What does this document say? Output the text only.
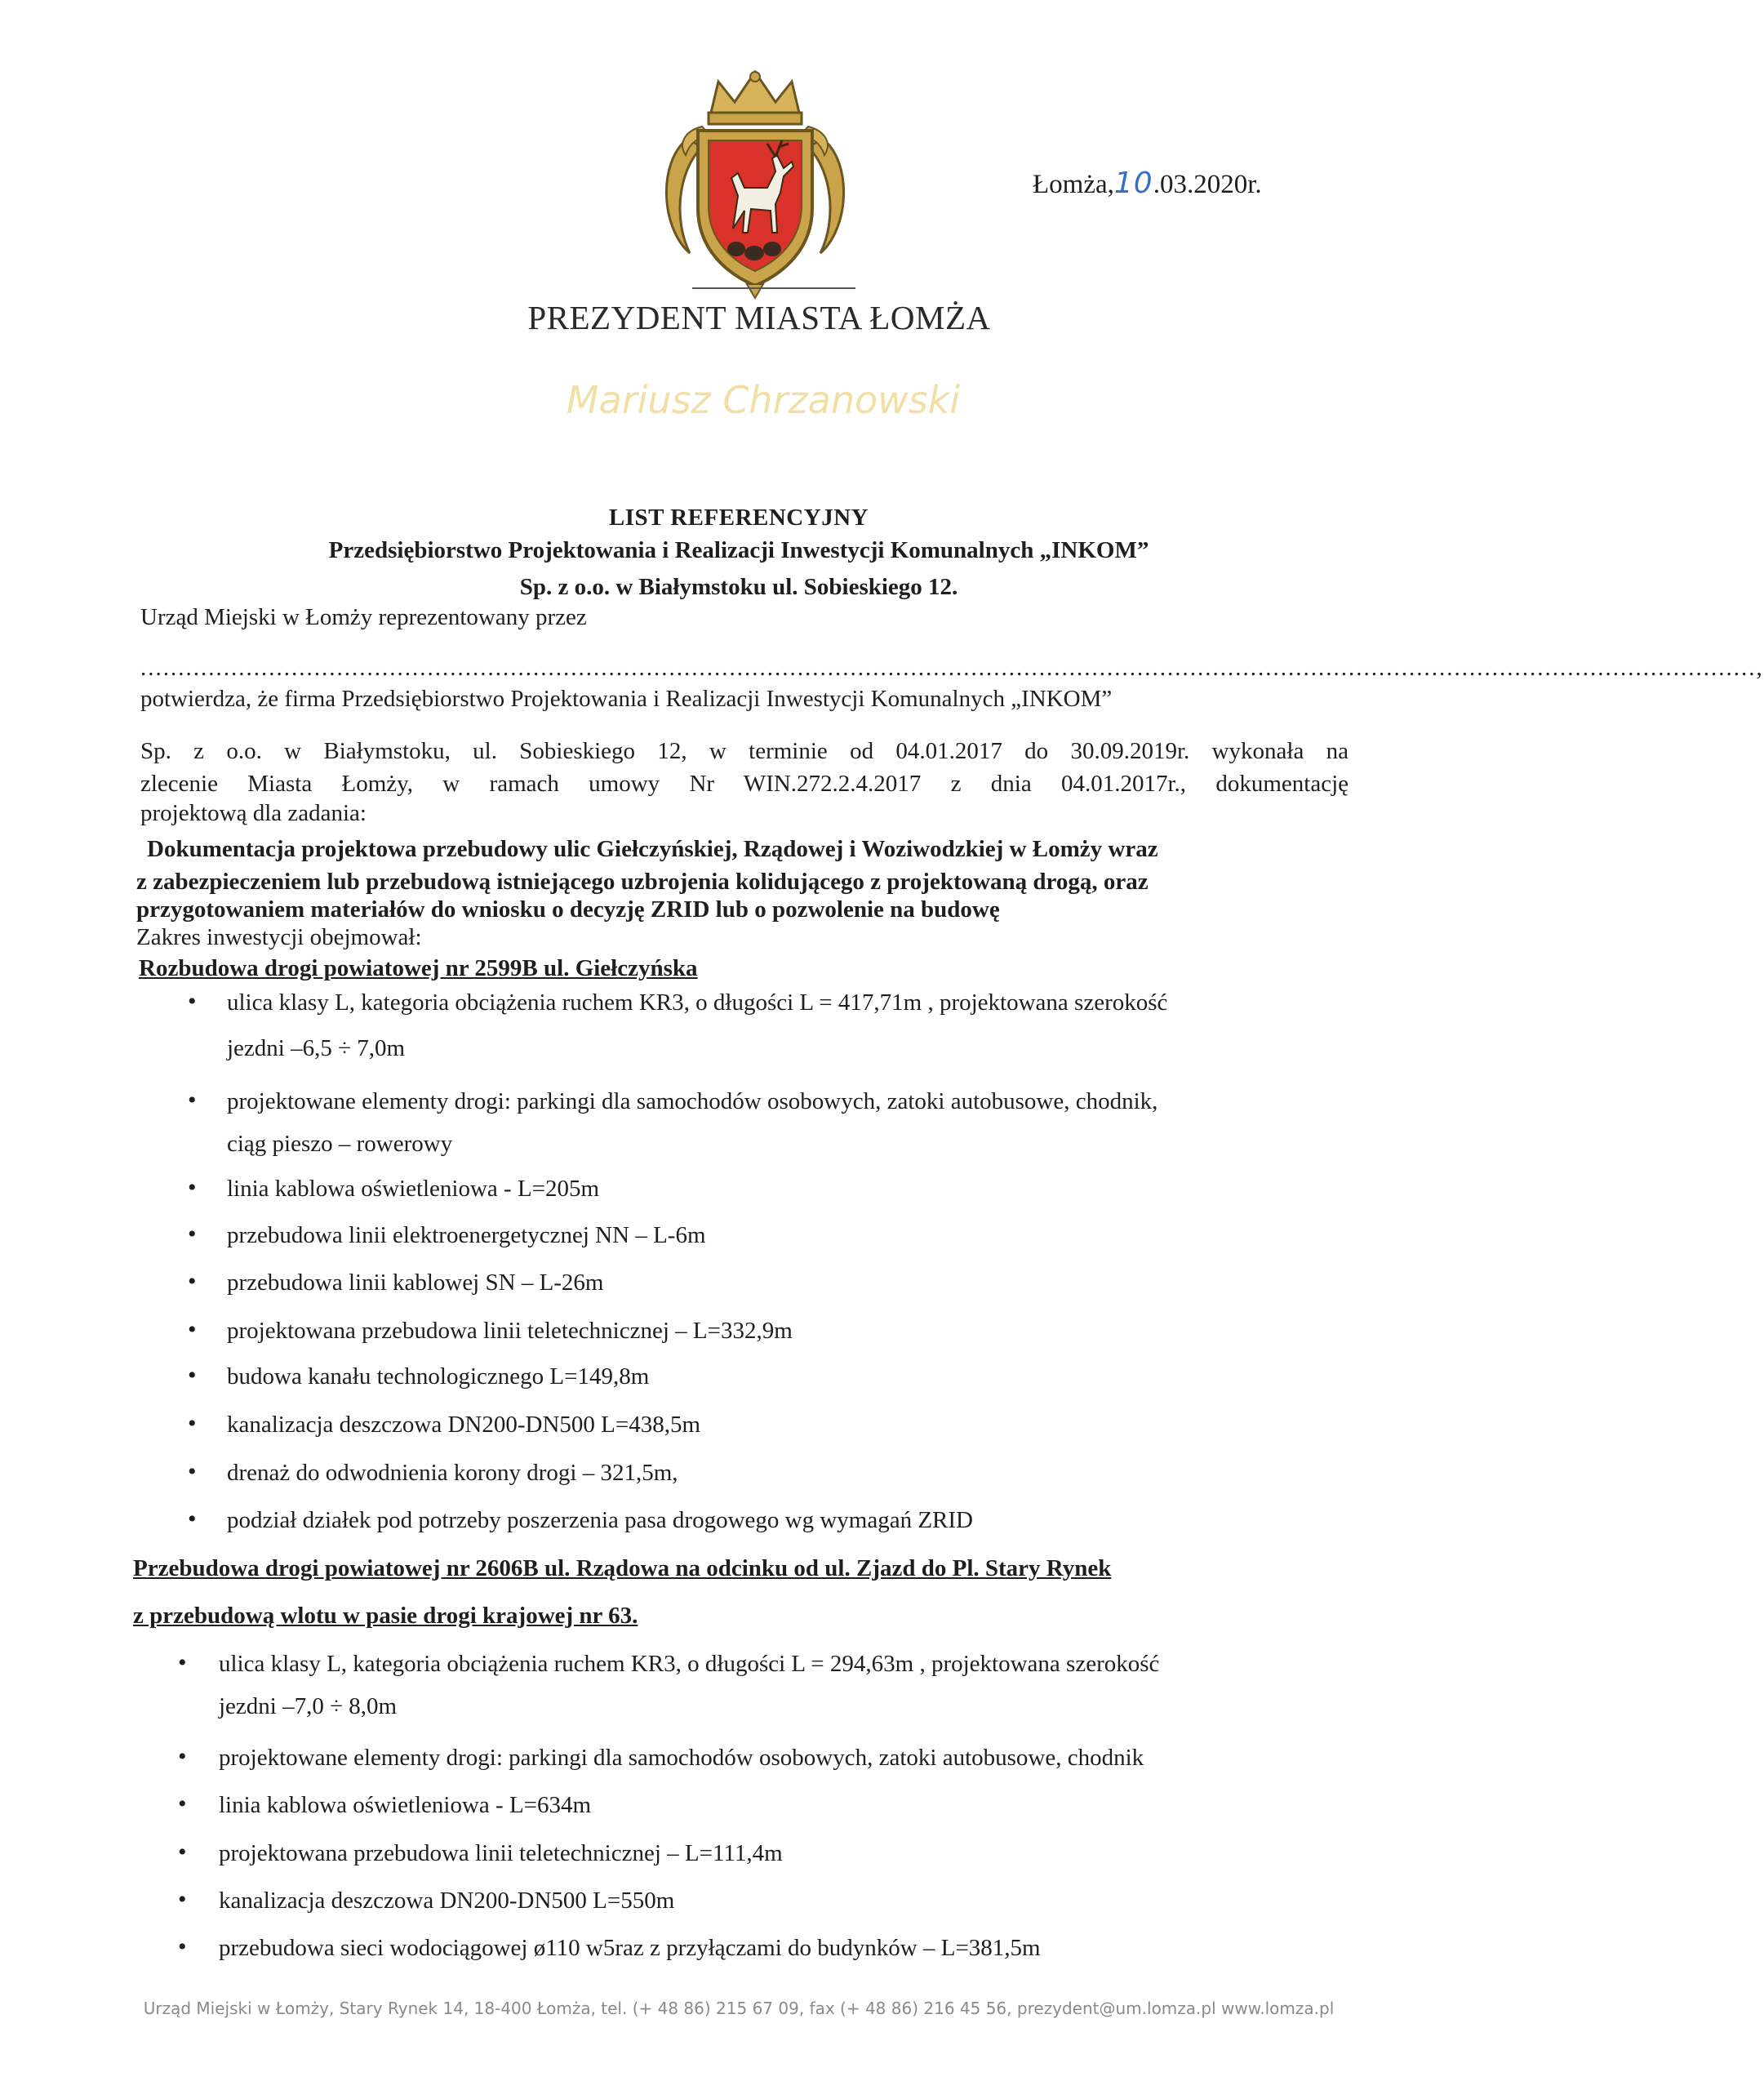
Łomża,10.03.2020r.
PREZYDENT MIASTA ŁOMŻA
Mariusz Chrzanowski
LIST REFERENCYJNY
Przedsiębiorstwo Projektowania i Realizacji Inwestycji Komunalnych „INKOM”
Sp. z o.o. w Białymstoku ul. Sobieskiego 12.
Urząd Miejski w Łomży reprezentowany przez
......................................................................................................................................................................................................................,
potwierdza, że firma Przedsiębiorstwo Projektowania i Realizacji Inwestycji Komunalnych „INKOM”
Sp. z o.o. w Białymstoku, ul. Sobieskiego 12, w terminie od 04.01.2017 do 30.09.2019r. wykonała na
zlecenie Miasta Łomży, w ramach umowy Nr WIN.272.2.4.2017 z dnia 04.01.2017r., dokumentację
projektową dla zadania:
Dokumentacja projektowa przebudowy ulic Giełczyńskiej, Rządowej i Woziwodzkiej w Łomży wraz
z zabezpieczeniem lub przebudową istniejącego uzbrojenia kolidującego z projektowaną drogą, oraz
przygotowaniem materiałów do wniosku o decyzję ZRID lub o pozwolenie na budowę
Zakres inwestycji obejmował:
Rozbudowa drogi powiatowej nr 2599B ul. Giełczyńska
• ulica klasy L, kategoria obciążenia ruchem KR3, o długości L = 417,71m , projektowana szerokość
jezdni –6,5 ÷ 7,0m
• projektowane elementy drogi: parkingi dla samochodów osobowych, zatoki autobusowe, chodnik,
ciąg pieszo – rowerowy
• linia kablowa oświetleniowa - L=205m
• przebudowa linii elektroenergetycznej NN – L-6m
• przebudowa linii kablowej SN – L-26m
• projektowana przebudowa linii teletechnicznej – L=332,9m
• budowa kanału technologicznego L=149,8m
• kanalizacja deszczowa DN200-DN500 L=438,5m
• drenaż do odwodnienia korony drogi – 321,5m,
• podział działek pod potrzeby poszerzenia pasa drogowego wg wymagań ZRID
Przebudowa drogi powiatowej nr 2606B ul. Rządowa na odcinku od ul. Zjazd do Pl. Stary Rynek
z przebudową wlotu w pasie drogi krajowej nr 63.
• ulica klasy L, kategoria obciążenia ruchem KR3, o długości L = 294,63m , projektowana szerokość
jezdni –7,0 ÷ 8,0m
• projektowane elementy drogi: parkingi dla samochodów osobowych, zatoki autobusowe, chodnik
• linia kablowa oświetleniowa - L=634m
• projektowana przebudowa linii teletechnicznej – L=111,4m
• kanalizacja deszczowa DN200-DN500 L=550m
• przebudowa sieci wodociągowej ø110 w5raz z przyłączami do budynków – L=381,5m
Urząd Miejski w Łomży, Stary Rynek 14, 18-400 Łomża, tel. (+ 48 86) 215 67 09, fax (+ 48 86) 216 45 56, prezydent@um.lomza.pl www.lomza.pl
